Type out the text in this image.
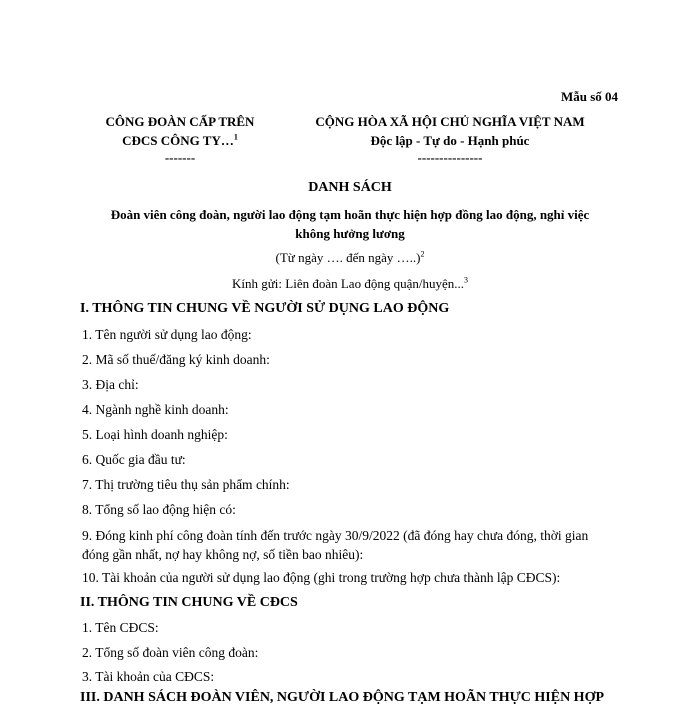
Mẫu số 04
CÔNG ĐOÀN CẤP TRÊN
CĐCS CÔNG TY…$^1$
-------
CỘNG HÒA XÃ HỘI CHỦ NGHĨA VIỆT NAM
Độc lập - Tự do - Hạnh phúc
---------------
DANH SÁCH
Đoàn viên công đoàn, người lao động tạm hoãn thực hiện hợp đồng lao động, nghỉ việc
không hưởng lương
(Từ ngày …. đến ngày …..)$^2$
Kính gửi: Liên đoàn Lao động quận/huyện...$^3$
I. THÔNG TIN CHUNG VỀ NGƯỜI SỬ DỤNG LAO ĐỘNG
1. Tên người sử dụng lao động:
2. Mã số thuế/đăng ký kinh doanh:
3. Địa chỉ:
4. Ngành nghề kinh doanh:
5. Loại hình doanh nghiệp:
6. Quốc gia đầu tư:
7. Thị trường tiêu thụ sản phẩm chính:
8. Tổng số lao động hiện có:
9. Đóng kinh phí công đoàn tính đến trước ngày 30/9/2022 (đã đóng hay chưa đóng, thời gian đóng gần nhất, nợ hay không nợ, số tiền bao nhiêu):
10. Tài khoản của người sử dụng lao động (ghi trong trường hợp chưa thành lập CĐCS):
II. THÔNG TIN CHUNG VỀ CĐCS
1. Tên CĐCS:
2. Tổng số đoàn viên công đoàn:
3. Tài khoản của CĐCS:
III. DANH SÁCH ĐOÀN VIÊN, NGƯỜI LAO ĐỘNG TẠM HOÃN THỰC HIỆN HỢP
